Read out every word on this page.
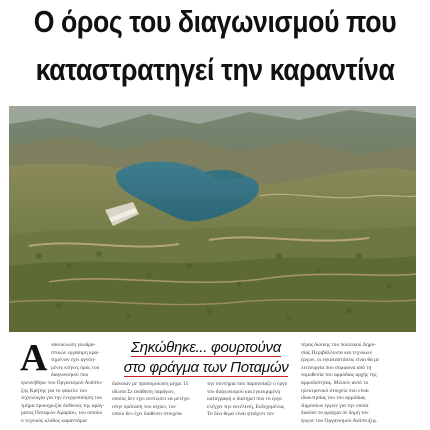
Ο όρος του διαγωνισμού που
καταστρατηγεί την καραντίνα
Α νακύκλωση γεωδρα-
στικών εργάσιμη κρα-
τημένων έχει αγνόη-
μένες κτήνες όρος του
διαγωνισμού που
ερευνήθηκε του Οργανισμού Ανάπτυ-
ξης Κρήτης για το φάκελο του
τεχνολογία για την ενεργοποίηση του
τμήμα προκηρυξία διεθνούς της φράγ-
ματος Ποταμών Αμαρίου, του οποίου
ο τεχνικός κλάδος καραντάρια
Σηκώθηκε... φουρτούνα
στο φράγμα των Ποταμών
διάνοιαν με προσομοίωση μέχρι 15
ιδίωτα Σε ανάθεση παράγων,
οποίος δεν έχει εκπτώσει να μετέχει
στην πρόταση του ισχύει, τον
οποίο δεν έχει διαθέσει στοιχεία
την συντήρια που παρουσίαζε ο έργο
του διαγωνισμού και εγκεκριμένη
καταγραφή ο διατηρεί που το έργο
ελέγχει την εκτέλεση, Ενδεχομένως
Το όλα θεμα είναι φτιάχνει τον
τέρας διοίκης του πολιτικού Δημο-
σίας Περιβάλλοντα και τεχνικών
έργων, οι εγκαταστάσεις είναι θα με
λειτουργία που σύμφωνα από τη
νομοθεσία του αρμόδιας αρχής της
αρμοδιότητας. Μιλούν αυτό το
ηλεκτρονικό στοιχείο που είναι
ιδιοκτησίας του του αρμόδιας
Δημοσίων έργων για την οποία
διαλύει το φράγμα σε δομή τον
έργων του Οργανισμού Ανάπτυξης.
